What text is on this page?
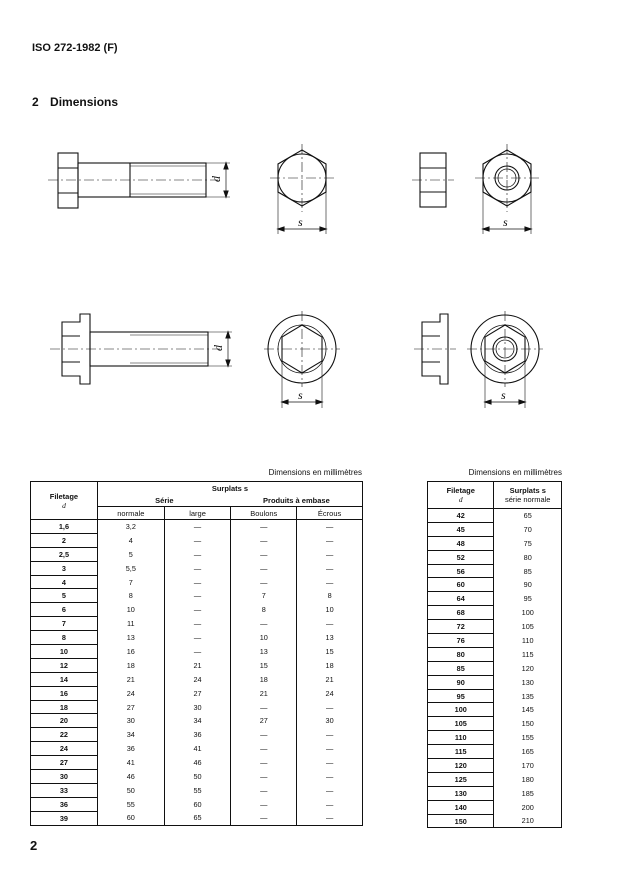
ISO 272-1982 (F)
2 Dimensions
d
s	s
d
s	s
Dimensions en millimètres	Dimensions en millimètres
Filetage
d	Surplats s			
	Série		Produits à embase	
	normale	large	Boulons	Écrous
1,6	3,2	—	—	—
2	4	—	—	—
2,5	5	—	—	—
3	5,5	—	—	—
4	7	—	—	—
5	8	—	7	8
6	10	—	8	10
7	11	—	—	—
8	13	—	10	13
10	16	—	13	15
12	18	21	15	18
14	21	24	18	21
16	24	27	21	24
18	27	30	—	—
20	30	34	27	30
22	34	36	—	—
24	36	41	—	—
27	41	46	—	—
30	46	50	—	—
33	50	55	—	—
36	55	60	—	—
39	60	65	—	—
Filetage
d	Surplats s
série normale
42	65
45	70
48	75
52	80
56	85
60	90
64	95
68	100
72	105
76	110
80	115
85	120
90	130
95	135
100	145
105	150
110	155
115	165
120	170
125	180
130	185
140	200
150	210
2
